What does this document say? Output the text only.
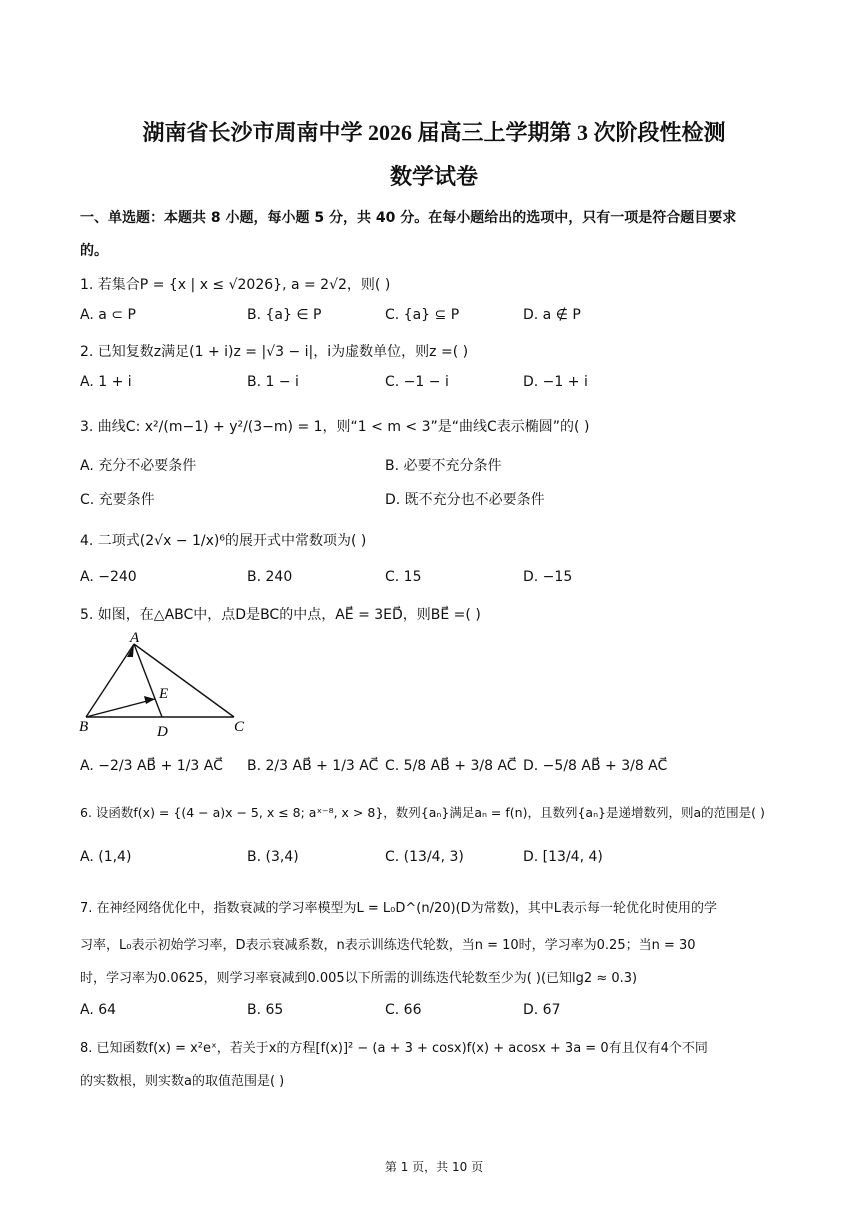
湖南省长沙市周南中学 2026 届高三上学期第 3 次阶段性检测
数学试卷
一、单选题：本题共 8 小题，每小题 5 分，共 40 分。在每小题给出的选项中，只有一项是符合题目要求
的。
1. 若集合P = {x | x ≤ √2026}, a = 2√2，则( )
A. a ⊂ P	B. {a} ∈ P	C. {a} ⊆ P	D. a ∉ P
2. 已知复数z满足(1 + i)z = |√3 − i|，i为虚数单位，则z =( )
A. 1 + i	B. 1 − i	C. −1 − i	D. −1 + i
3. 曲线C: x²/(m−1) + y²/(3−m) = 1，则“1 < m < 3”是“曲线C表示椭圆”的( )
A. 充分不必要条件	B. 必要不充分条件
C. 充要条件	D. 既不充分也不必要条件
4. 二项式(2√x − 1/x)⁶的展开式中常数项为( )
A. −240	B. 240	C. 15	D. −15
5. 如图，在△ABC中，点D是BC的中点，AE⃗ = 3ED⃗，则BE⃗ =( )
A
B	C
D
E
A. −2/3 AB⃗ + 1/3 AC⃗ B. 2/3 AB⃗ + 1/3 AC⃗ C. 5/8 AB⃗ + 3/8 AC⃗ D. −5/8 AB⃗ + 3/8 AC⃗
6. 设函数f(x) = {(4 − a)x − 5, x ≤ 8; aˣ⁻⁸, x > 8}，数列{aₙ}满足aₙ = f(n)，且数列{aₙ}是递增数列，则a的范围是( )
A. (1,4)	B. (3,4)	C. (13/4, 3)	D. [13/4, 4)
7. 在神经网络优化中，指数衰减的学习率模型为L = L₀D^(n/20)(D为常数)，其中L表示每一轮优化时使用的学
习率，L₀表示初始学习率，D表示衰减系数，n表示训练迭代轮数，当n = 10时，学习率为0.25；当n = 30
时，学习率为0.0625，则学习率衰减到0.005以下所需的训练迭代轮数至少为( )(已知lg2 ≈ 0.3)
A. 64	B. 65	C. 66	D. 67
8. 已知函数f(x) = x²eˣ，若关于x的方程[f(x)]² − (a + 3 + cosx)f(x) + acosx + 3a = 0有且仅有4个不同
的实数根，则实数a的取值范围是( )
第 1 页，共 10 页
